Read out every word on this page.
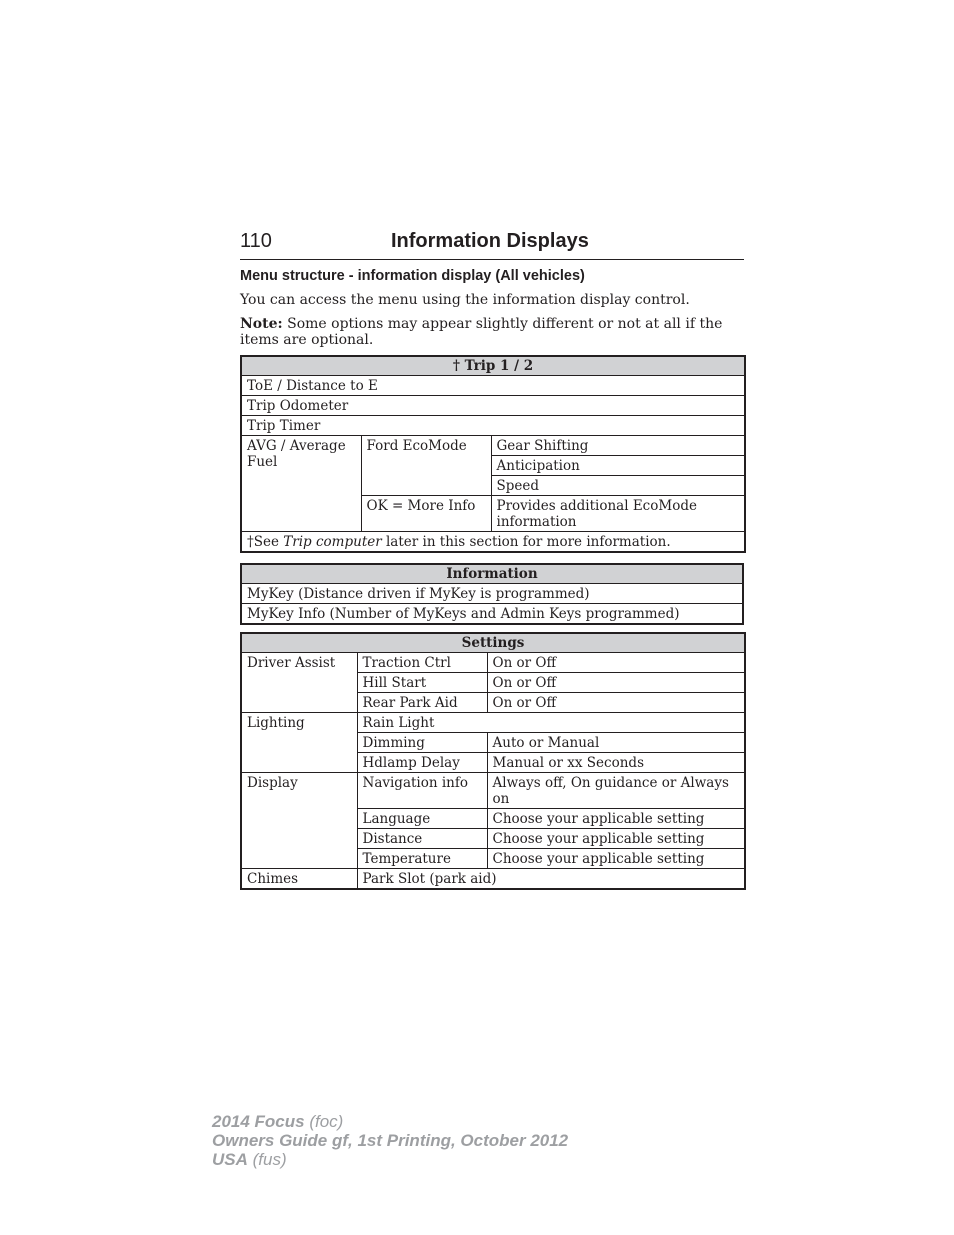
110	Information Displays
Menu structure - information display (All vehicles)
You can access the menu using the information display control.
Note: Some options may appear slightly different or not at all if the items are optional.
† Trip 1 / 2		
ToE / Distance to E		
Trip Odometer		
Trip Timer		
AVG / Average Fuel	Ford EcoMode	Gear Shifting
		Anticipation
		Speed
	OK = More Info	Provides additional EcoMode information
†See Trip computer later in this section for more information.		
Information
MyKey (Distance driven if MyKey is programmed)
MyKey Info (Number of MyKeys and Admin Keys programmed)
Settings		
Driver Assist	Traction Ctrl	On or Off
	Hill Start	On or Off
	Rear Park Aid	On or Off
Lighting	Rain Light	
	Dimming	Auto or Manual
	Hdlamp Delay	Manual or xx Seconds
Display	Navigation info	Always off, On guidance or Always on
	Language	Choose your applicable setting
	Distance	Choose your applicable setting
	Temperature	Choose your applicable setting
Chimes	Park Slot (park aid)	
2014 Focus (foc)
Owners Guide gf, 1st Printing, October 2012
USA (fus)
